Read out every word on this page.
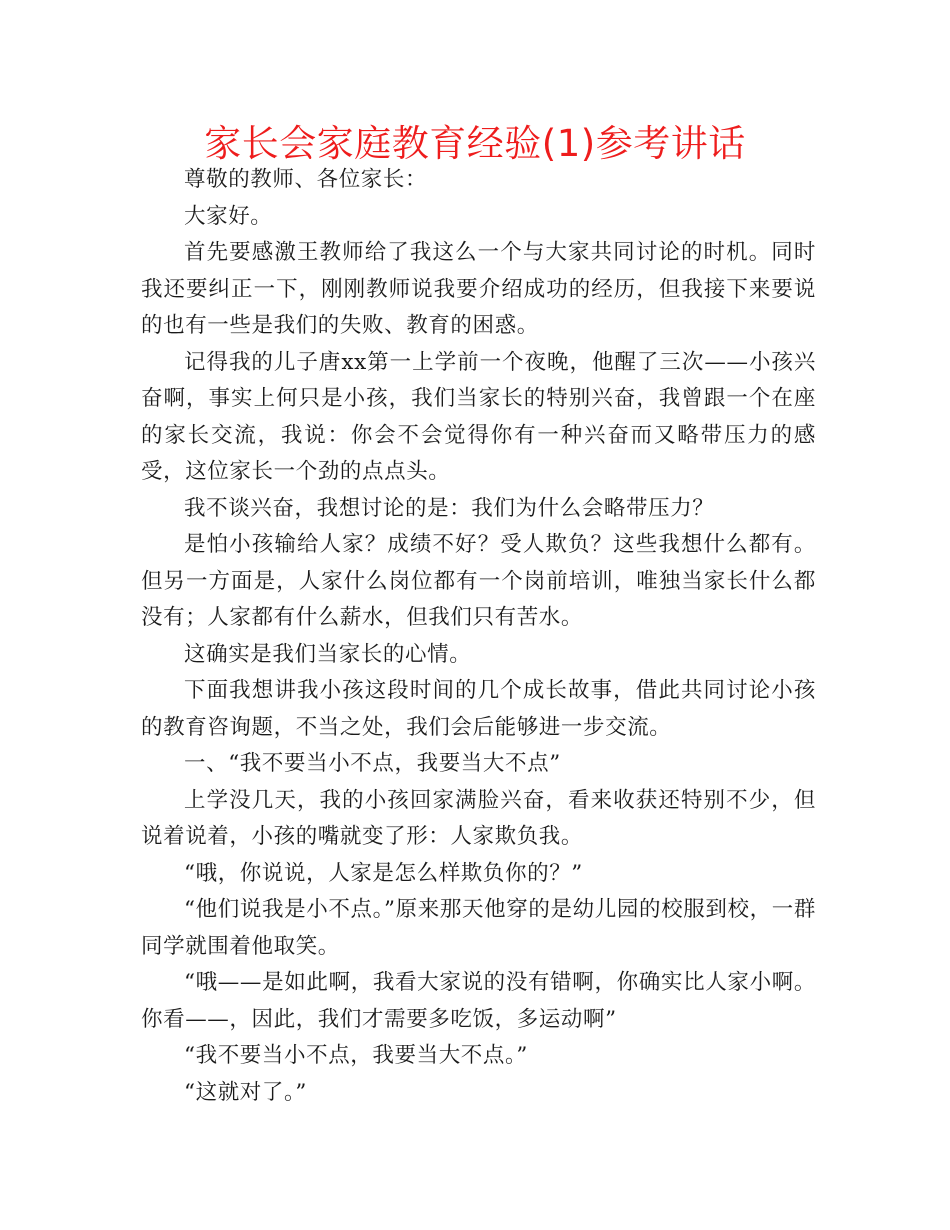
家长会家庭教育经验(1)参考讲话

尊敬的教师、各位家长：

大家好。

首先要感激王教师给了我这么一个与大家共同讨论的时机。同时我还要纠正一下，刚刚教师说我要介绍成功的经历，但我接下来要说的也有一些是我们的失败、教育的困惑。

记得我的儿子唐xx第一上学前一个夜晚，他醒了三次——小孩兴奋啊，事实上何只是小孩，我们当家长的特别兴奋，我曾跟一个在座的家长交流，我说：你会不会觉得你有一种兴奋而又略带压力的感受，这位家长一个劲的点点头。

我不谈兴奋，我想讨论的是：我们为什么会略带压力？

是怕小孩输给人家？成绩不好？受人欺负？这些我想什么都有。但另一方面是，人家什么岗位都有一个岗前培训，唯独当家长什么都没有；人家都有什么薪水，但我们只有苦水。

这确实是我们当家长的心情。

下面我想讲我小孩这段时间的几个成长故事，借此共同讨论小孩的教育咨询题，不当之处，我们会后能够进一步交流。

一、“我不要当小不点，我要当大不点”

上学没几天，我的小孩回家满脸兴奋，看来收获还特别不少，但说着说着，小孩的嘴就变了形：人家欺负我。

“哦，你说说，人家是怎么样欺负你的？”

“他们说我是小不点。”原来那天他穿的是幼儿园的校服到校，一群同学就围着他取笑。

“哦——是如此啊，我看大家说的没有错啊，你确实比人家小啊。你看——，因此，我们才需要多吃饭，多运动啊”

“我不要当小不点，我要当大不点。”

“这就对了。”
